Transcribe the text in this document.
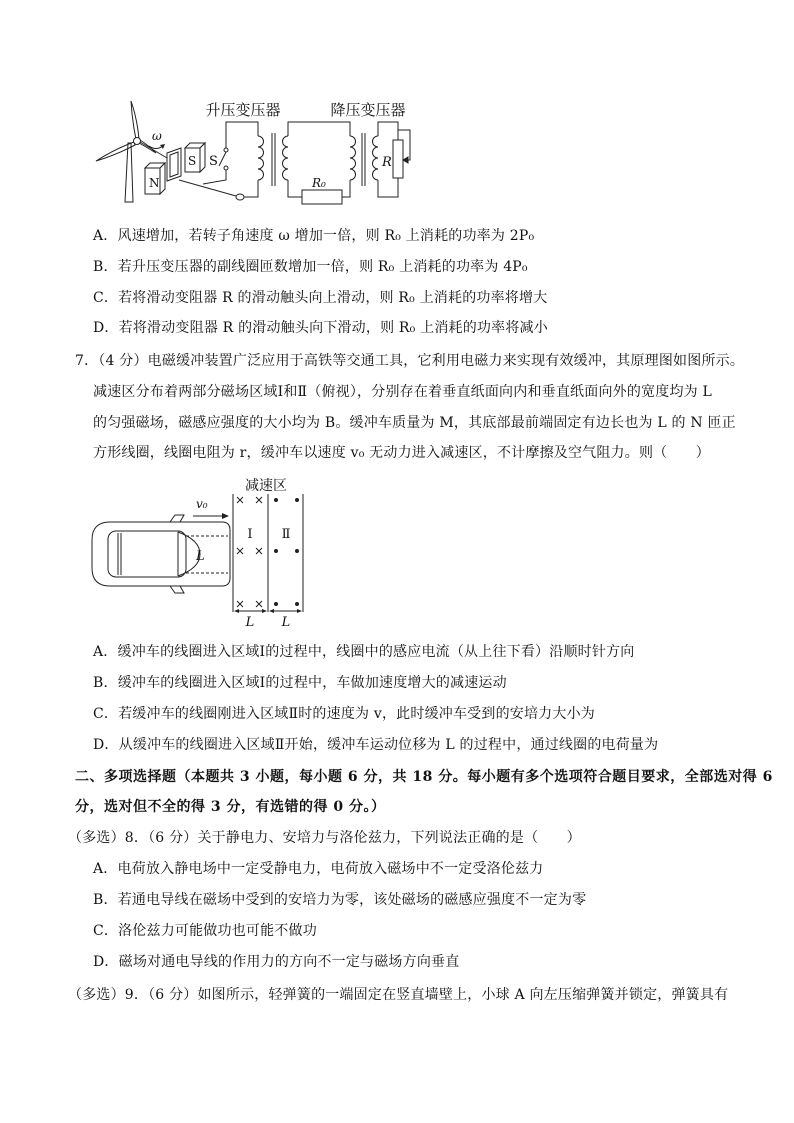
升压变压器	降压变压器
ω
N
S S
R₀
R
A．风速增加，若转子角速度 ω 增加一倍，则 R₀ 上消耗的功率为 2P₀
B．若升压变压器的副线圈匝数增加一倍，则 R₀ 上消耗的功率为 4P₀
C．若将滑动变阻器 R 的滑动触头向上滑动，则 R₀ 上消耗的功率将增大
D．若将滑动变阻器 R 的滑动触头向下滑动，则 R₀ 上消耗的功率将减小
7．（4 分）电磁缓冲装置广泛应用于高铁等交通工具，它利用电磁力来实现有效缓冲，其原理图如图所示。
减速区分布着两部分磁场区域Ⅰ和Ⅱ（俯视），分别存在着垂直纸面向内和垂直纸面向外的宽度均为 L
的匀强磁场，磁感应强度的大小均为 B。缓冲车质量为 M，其底部最前端固定有边长也为 L 的 N 匝正
方形线圈，线圈电阻为 r，缓冲车以速度 v₀ 无动力进入减速区，不计摩擦及空气阻力。则（　　）
减速区
v₀
Ⅰ Ⅱ
L L
L
A．缓冲车的线圈进入区域Ⅰ的过程中，线圈中的感应电流（从上往下看）沿顺时针方向
B．缓冲车的线圈进入区域Ⅰ的过程中，车做加速度增大的减速运动
C．若缓冲车的线圈刚进入区域Ⅱ时的速度为 v，此时缓冲车受到的安培力大小为
D．从缓冲车的线圈进入区域Ⅱ开始，缓冲车运动位移为 L 的过程中，通过线圈的电荷量为
二、多项选择题（本题共 3 小题，每小题 6 分，共 18 分。每小题有多个选项符合题目要求，全部选对得 6
分，选对但不全的得 3 分，有选错的得 0 分。）
（多选）8．（6 分）关于静电力、安培力与洛伦兹力，下列说法正确的是（　　）
A．电荷放入静电场中一定受静电力，电荷放入磁场中不一定受洛伦兹力
B．若通电导线在磁场中受到的安培力为零，该处磁场的磁感应强度不一定为零
C．洛伦兹力可能做功也可能不做功
D．磁场对通电导线的作用力的方向不一定与磁场方向垂直
（多选）9．（6 分）如图所示，轻弹簧的一端固定在竖直墙壁上，小球 A 向左压缩弹簧并锁定，弹簧具有
